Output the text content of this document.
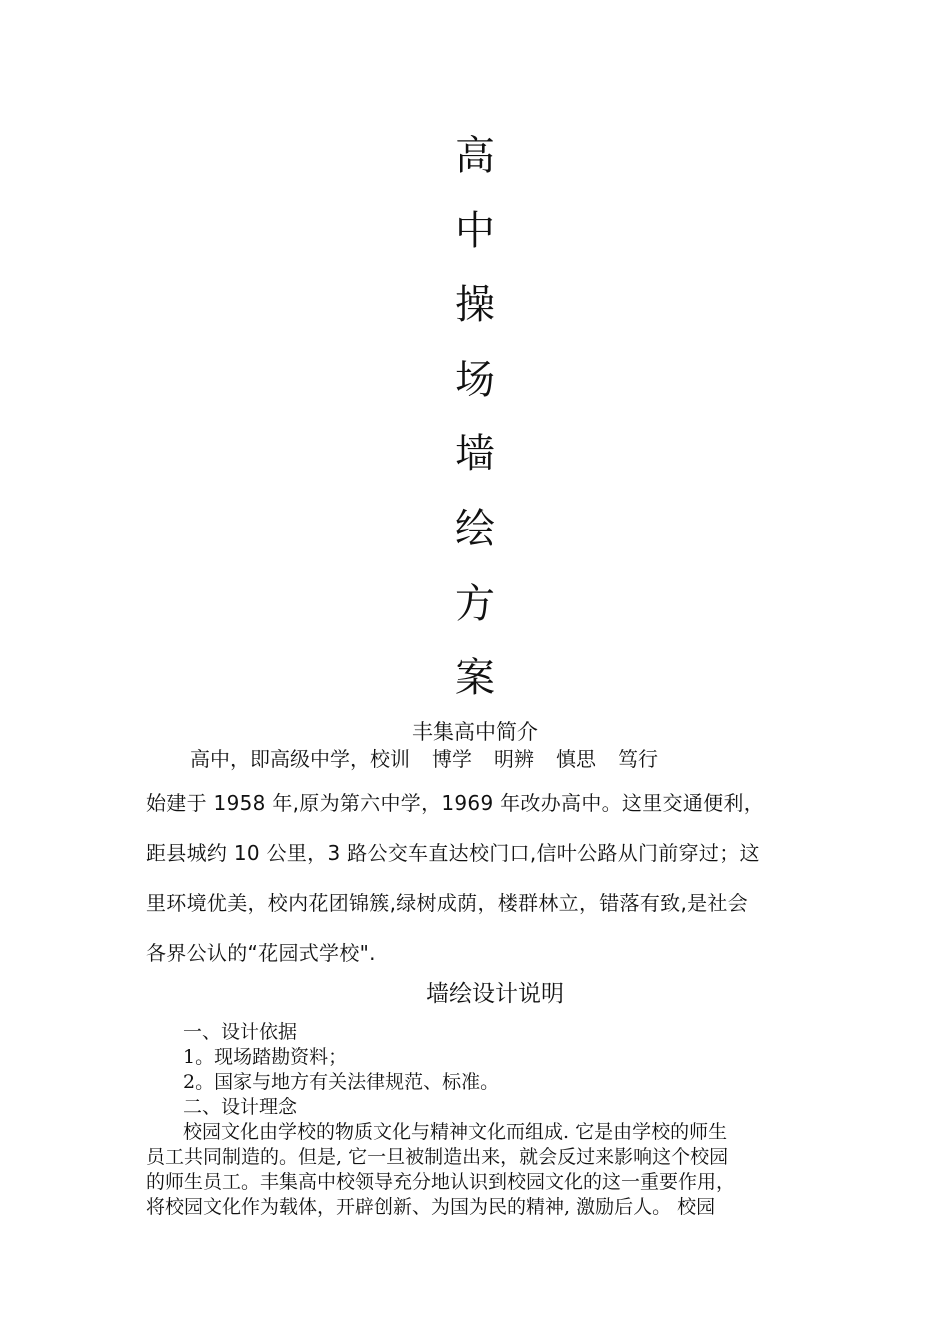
高
中
操
场
墙
绘
方
案
丰集高中简介
高中，即高级中学，校训 博学 明辨 慎思 笃行
始建于 1958 年,原为第六中学，1969 年改办高中。这里交通便利，
距县城约 10 公里，3 路公交车直达校门口,信叶公路从门前穿过；这
里环境优美，校内花团锦簇,绿树成荫，楼群林立，错落有致,是社会
各界公认的“花园式学校".
墙绘设计说明
一、设计依据
1。现场踏勘资料；
2。国家与地方有关法律规范、标准。
二、设计理念
校园文化由学校的物质文化与精神文化而组成. 它是由学校的师生
员工共同制造的。但是, 它一旦被制造出来，就会反过来影响这个校园
的师生员工。丰集高中校领导充分地认识到校园文化的这一重要作用，
将校园文化作为载体，开辟创新、为国为民的精神, 激励后人。 校园
